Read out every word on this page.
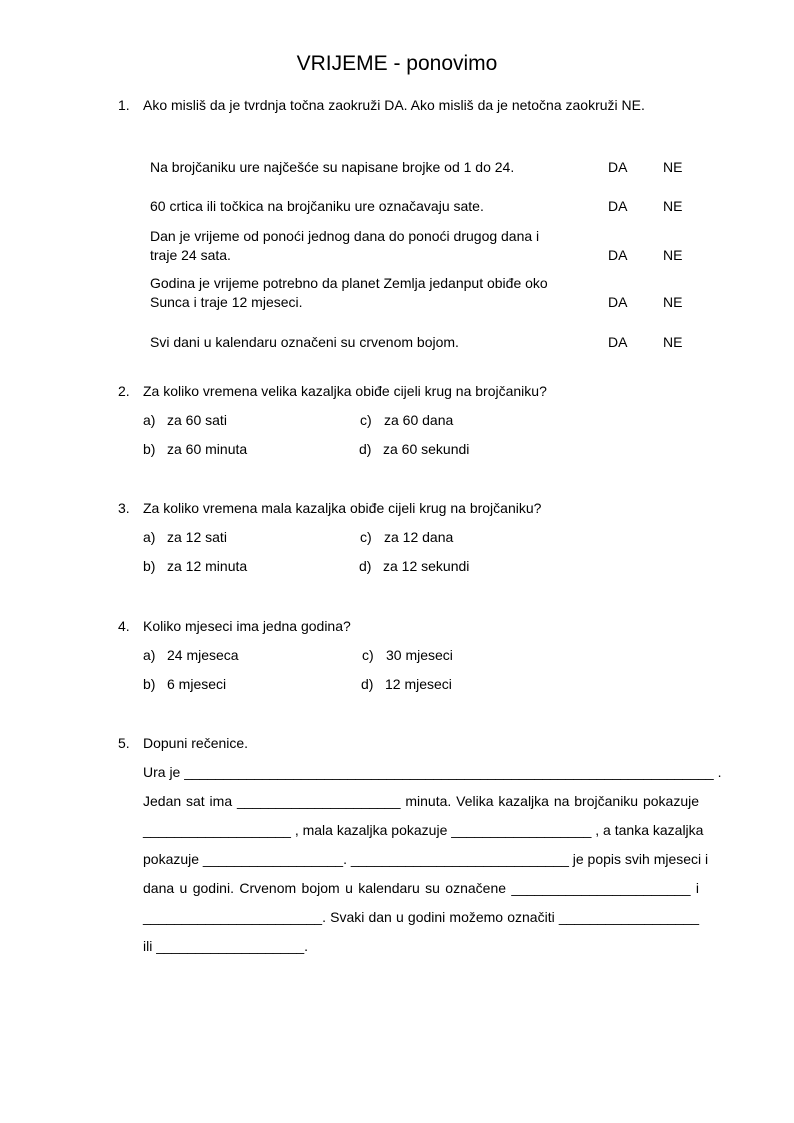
VRIJEME - ponovimo
1. Ako misliš da je tvrdnja točna zaokruži DA. Ako misliš da je netočna zaokruži NE.
Na brojčaniku ure najčešće su napisane brojke od 1 do 24.	DA	NE
60 crtica ili točkica na brojčaniku ure označavaju sate.	DA	NE
Dan je vrijeme od ponoći jednog dana do ponoći drugog dana i traje 24 sata.	DA	NE
Godina je vrijeme potrebno da planet Zemlja jedanput obiđe oko Sunca i traje 12 mjeseci.	DA	NE
Svi dani u kalendaru označeni su crvenom bojom.	DA	NE
2. Za koliko vremena velika kazaljka obiđe cijeli krug na brojčaniku?
a) za 60 sati	c) za 60 dana
b) za 60 minuta	d) za 60 sekundi
3. Za koliko vremena mala kazaljka obiđe cijeli krug na brojčaniku?
a) za 12 sati	c) za 12 dana
b) za 12 minuta	d) za 12 sekundi
4. Koliko mjeseci ima jedna godina?
a) 24 mjeseca	c) 30 mjeseci
b) 6 mjeseci	d) 12 mjeseci
5. Dopuni rečenice.
Ura je ____________________________________________________________________ .
Jedan sat ima _____________________ minuta. Velika kazaljka na brojčaniku pokazuje
___________________ , mala kazaljka pokazuje __________________ , a tanka kazaljka
pokazuje __________________. ____________________________ je popis svih mjeseci i
dana u godini. Crvenom bojom u kalendaru su označene _______________________ i
_______________________. Svaki dan u godini možemo označiti __________________
ili ___________________.
